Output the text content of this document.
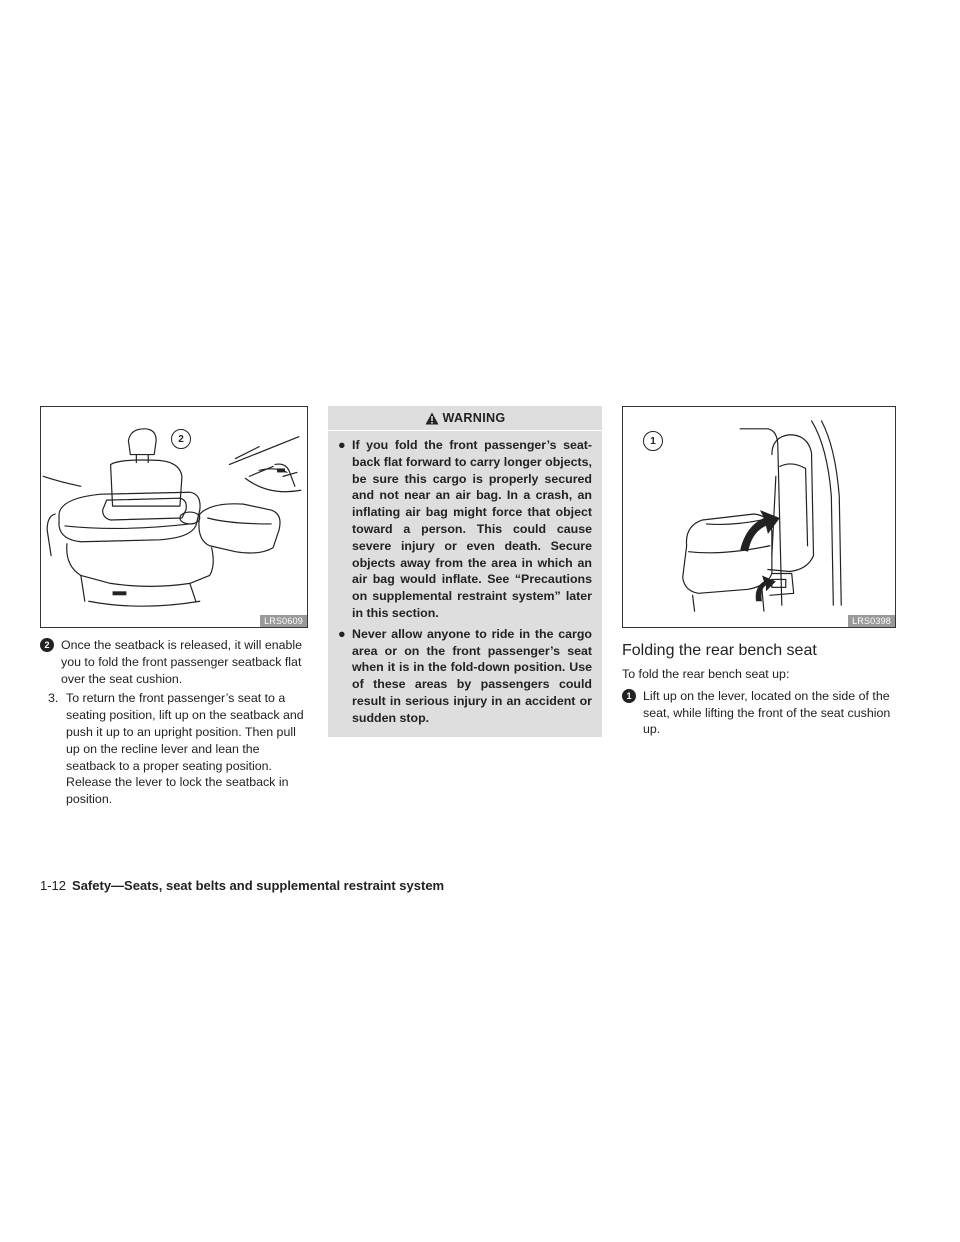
2
LRS0609
2 Once the seatback is released, it will enable you to fold the front passenger seatback flat over the seat cushion.
3. To return the front passenger’s seat to a seating position, lift up on the seatback and push it up to an upright position. Then pull up on the recline lever and lean the seatback to a proper seating position. Release the lever to lock the seatback in position.
WARNING
● If you fold the front passenger’s seat-back flat forward to carry longer objects, be sure this cargo is properly secured and not near an air bag. In a crash, an inflating air bag might force that object toward a person. This could cause severe injury or even death. Secure objects away from the area in which an air bag would inflate. See “Precautions on supplemental restraint system” later in this section.
● Never allow anyone to ride in the cargo area or on the front passenger’s seat when it is in the fold-down position. Use of these areas by passengers could result in serious injury in an accident or sudden stop.
1
LRS0398
Folding the rear bench seat

To fold the rear bench seat up:

1 Lift up on the lever, located on the side of the seat, while lifting the front of the seat cushion up.
1-12 Safety—Seats, seat belts and supplemental restraint system
